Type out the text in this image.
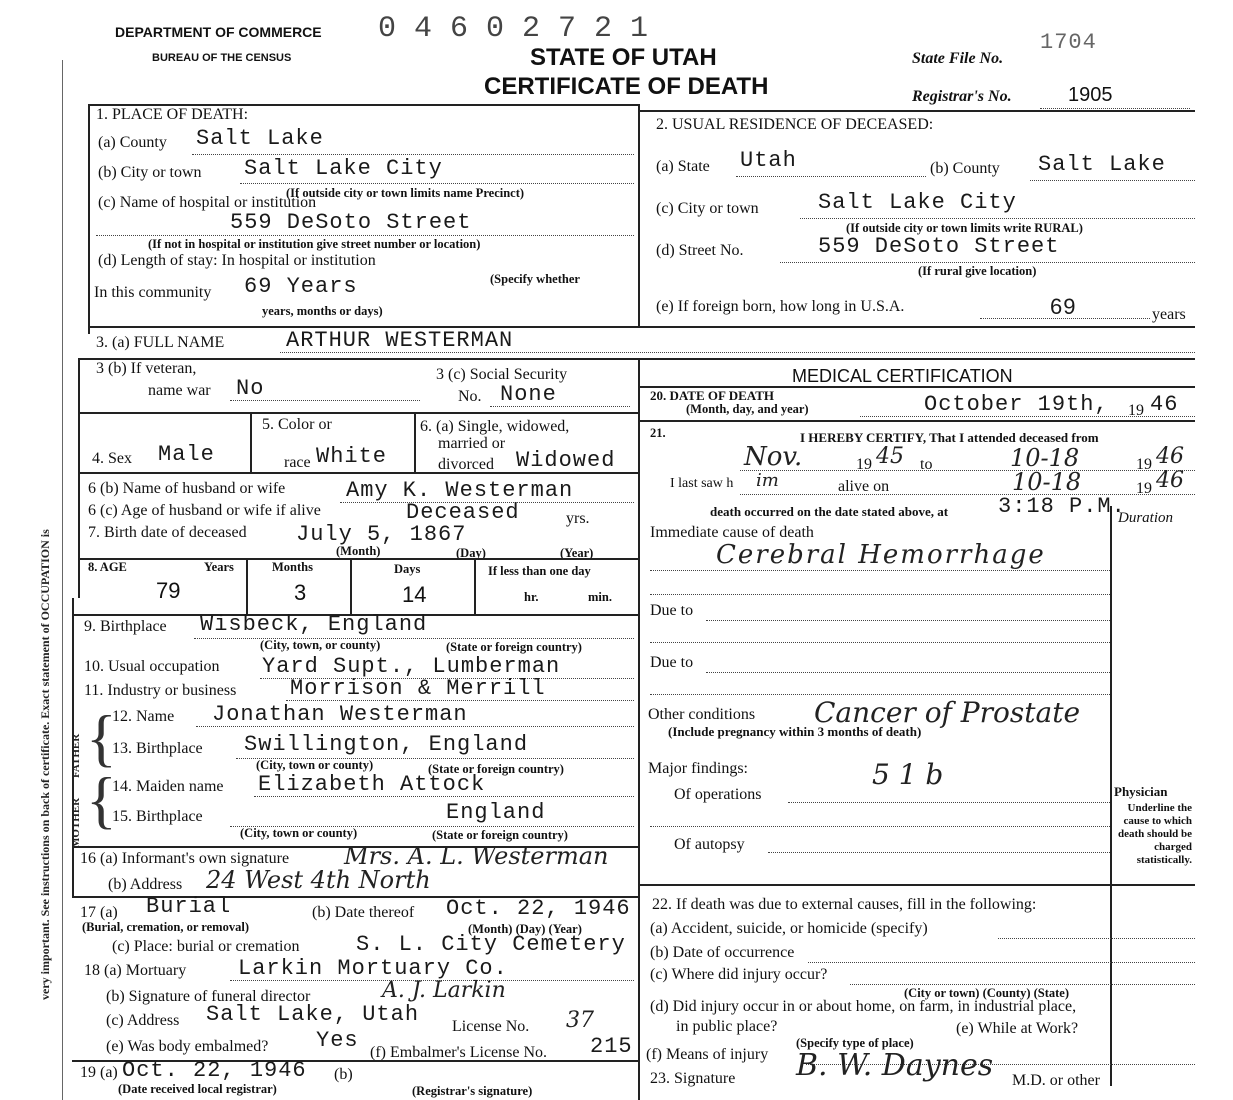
very important. See instructions on back of certificate. Exact statement of OCCUPATION is
DEPARTMENT OF COMMERCE
BUREAU OF THE CENSUS
0 4 6 0 2 7 2 1
STATE OF UTAH
CERTIFICATE OF DEATH
State File No.
1704
Registrar's No.	1905
1. PLACE OF DEATH:
(a) County Salt Lake
(b) City or town Salt Lake City
(If outside city or town limits name Precinct)
(c) Name of hospital or institution
559 DeSoto Street
(If not in hospital or institution give street number or location)
(d) Length of stay: In hospital or institution
In this community 69 Years	(Specify whether
years, months or days)
2. USUAL RESIDENCE OF DECEASED:
(a) State Utah	(b) County Salt Lake
(c) City or town	Salt Lake City
(If outside city or town limits write RURAL)
(d) Street No.	559 DeSoto Street
(If rural give location)
(e) If foreign born, how long in U.S.A.	69	years
3. (a) FULL NAME	ARTHUR WESTERMAN
3 (b) If veteran,
name war No
3 (c) Social Security
No. None
4. Sex Male
5. Color or
race White
6. (a) Single, widowed,
married or
divorced Widowed
6 (b) Name of husband or wife	Amy K. Westerman
6 (c) Age of husband or wife if alive	Deceased	yrs.
7. Birth date of deceased July 5, 1867
(Month)	(Day)	(Year)
8. AGE	Years	Months	Days	If less than one day
79	3	14	hr.	min.
9. Birthplace Wisbeck, England
(City, town, or county)	(State or foreign country)
10. Usual occupation Yard Supt., Lumberman
11. Industry or business Morrison & Merrill
FATHER
MOTHER
{
{
12. Name Jonathan Westerman
13. Birthplace Swillington, England
(City, town or county)	(State or foreign country)
14. Maiden name Elizabeth Attock
15. Birthplace	England
(City, town or county)	(State or foreign country)
16 (a) Informant's own signature Mrs. A. L. Westerman
(b) Address 24 West 4th North
17 (a) Burial
(Burial, cremation, or removal)
(b) Date thereof Oct. 22, 1946
(Month) (Day) (Year)
(c) Place: burial or cremation	S. L. City Cemetery
18 (a) Mortuary Larkin Mortuary Co.
(b) Signature of funeral director	A. J. Larkin
(c) Address Salt Lake, Utah License No. 37
(e) Was body embalmed? Yes (f) Embalmer's License No. 215
19 (a) Oct. 22, 1946
(Date received local registrar)
(b)
(Registrar's signature)
MEDICAL CERTIFICATION
20. DATE OF DEATH
(Month, day, and year)	October 19th, 19 46
21.	I HEREBY CERTIFY, That I attended deceased from
Nov.	19 45 to	10-18	19 46
I last saw h im	alive on	10-18	19 46
death occurred on the date stated above, at 3:18 P.M.
Duration
Immediate cause of death
Cerebral Hemorrhage
Due to
Due to
Other conditions Cancer of Prostate
(Include pregnancy within 3 months of death)
Major findings:	5 1 b
Of operations
Of autopsy
Physician
Underline the cause to which death should be charged statistically.
22. If death was due to external causes, fill in the following:
(a) Accident, suicide, or homicide (specify)
(b) Date of occurrence
(c) Where did injury occur?
(City or town) (County) (State)
(d) Did injury occur in or about home, on farm, in industrial place,
in public place?	(e) While at Work?
(Specify type of place)
(f) Means of injury
23. Signature B. W. Daynes M.D. or other
